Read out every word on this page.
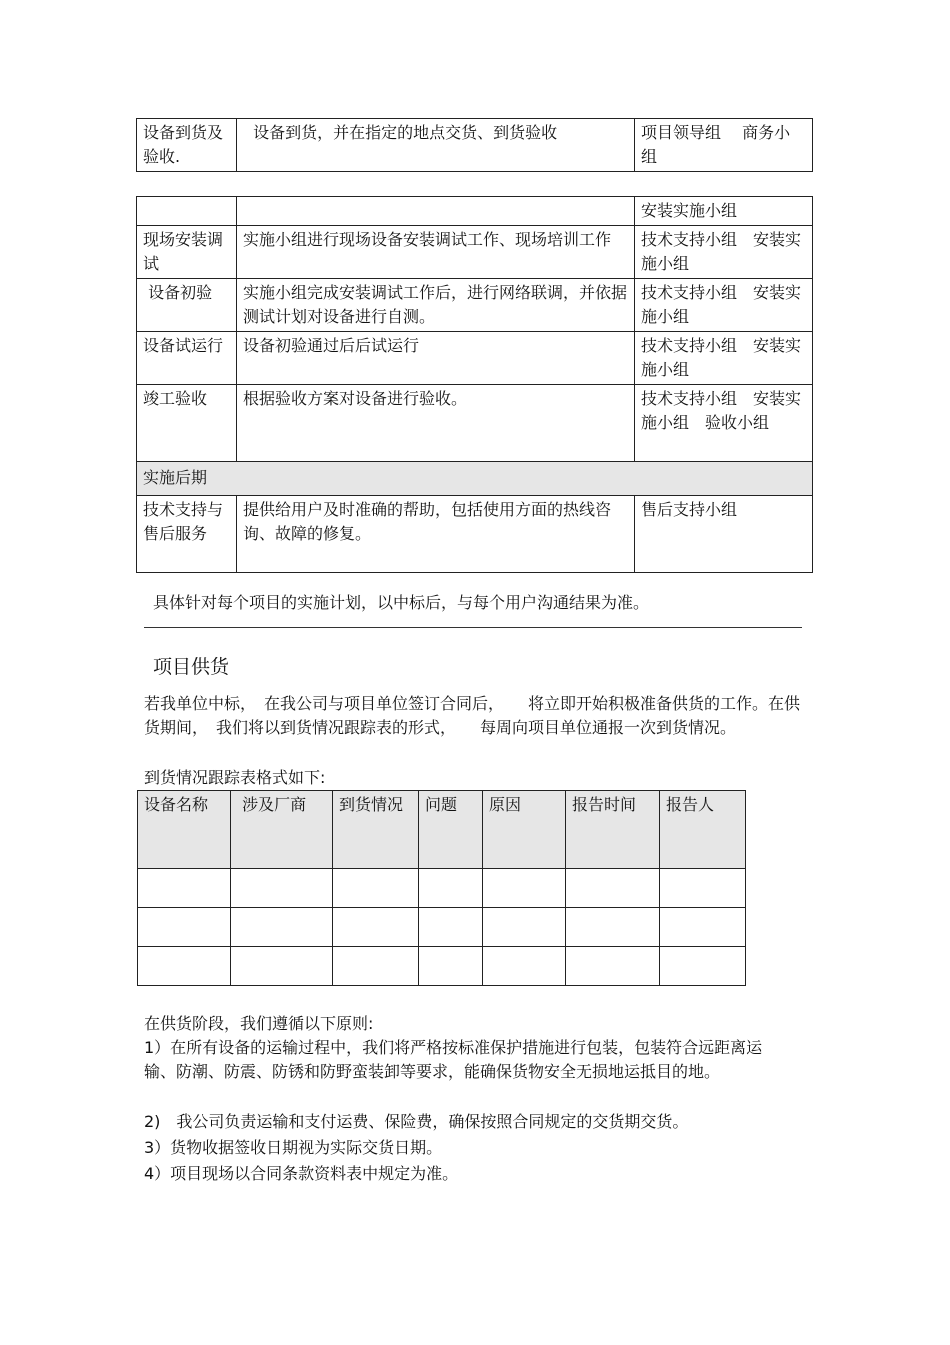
设备到货及验收.	设备到货，并在指定的地点交货、到货验收	项目领导组　 商务小组
		安装实施小组
现场安装调试	实施小组进行现场设备安装调试工作、现场培训工作	技术支持小组　安装实施小组
设备初验	实施小组完成安装调试工作后，进行网络联调，并依据测试计划对设备进行自测。	技术支持小组　安装实施小组
设备试运行	设备初验通过后后试运行	技术支持小组　安装实施小组
竣工验收	根据验收方案对设备进行验收。	技术支持小组　安装实施小组　验收小组
实施后期		
技术支持与售后服务	提供给用户及时准确的帮助，包括使用方面的热线咨询、故障的修复。	售后支持小组
具体针对每个项目的实施计划，以中标后，与每个用户沟通结果为准。
项目供货
若我单位中标，　在我公司与项目单位签订合同后，　　将立即开始积极准备供货的工作。在供货期间，　我们将以到货情况跟踪表的形式，　　每周向项目单位通报一次到货情况。
到货情况跟踪表格式如下:
设备名称	涉及厂商	到货情况	问题	原因	报告时间	报告人

在供货阶段，我们遵循以下原则:
1）在所有设备的运输过程中，我们将严格按标准保护措施进行包装，包装符合远距离运输、防潮、防震、防锈和防野蛮装卸等要求，能确保货物安全无损地运抵目的地。
2)　我公司负责运输和支付运费、保险费，确保按照合同规定的交货期交货。
3）货物收据签收日期视为实际交货日期。
4）项目现场以合同条款资料表中规定为准。
